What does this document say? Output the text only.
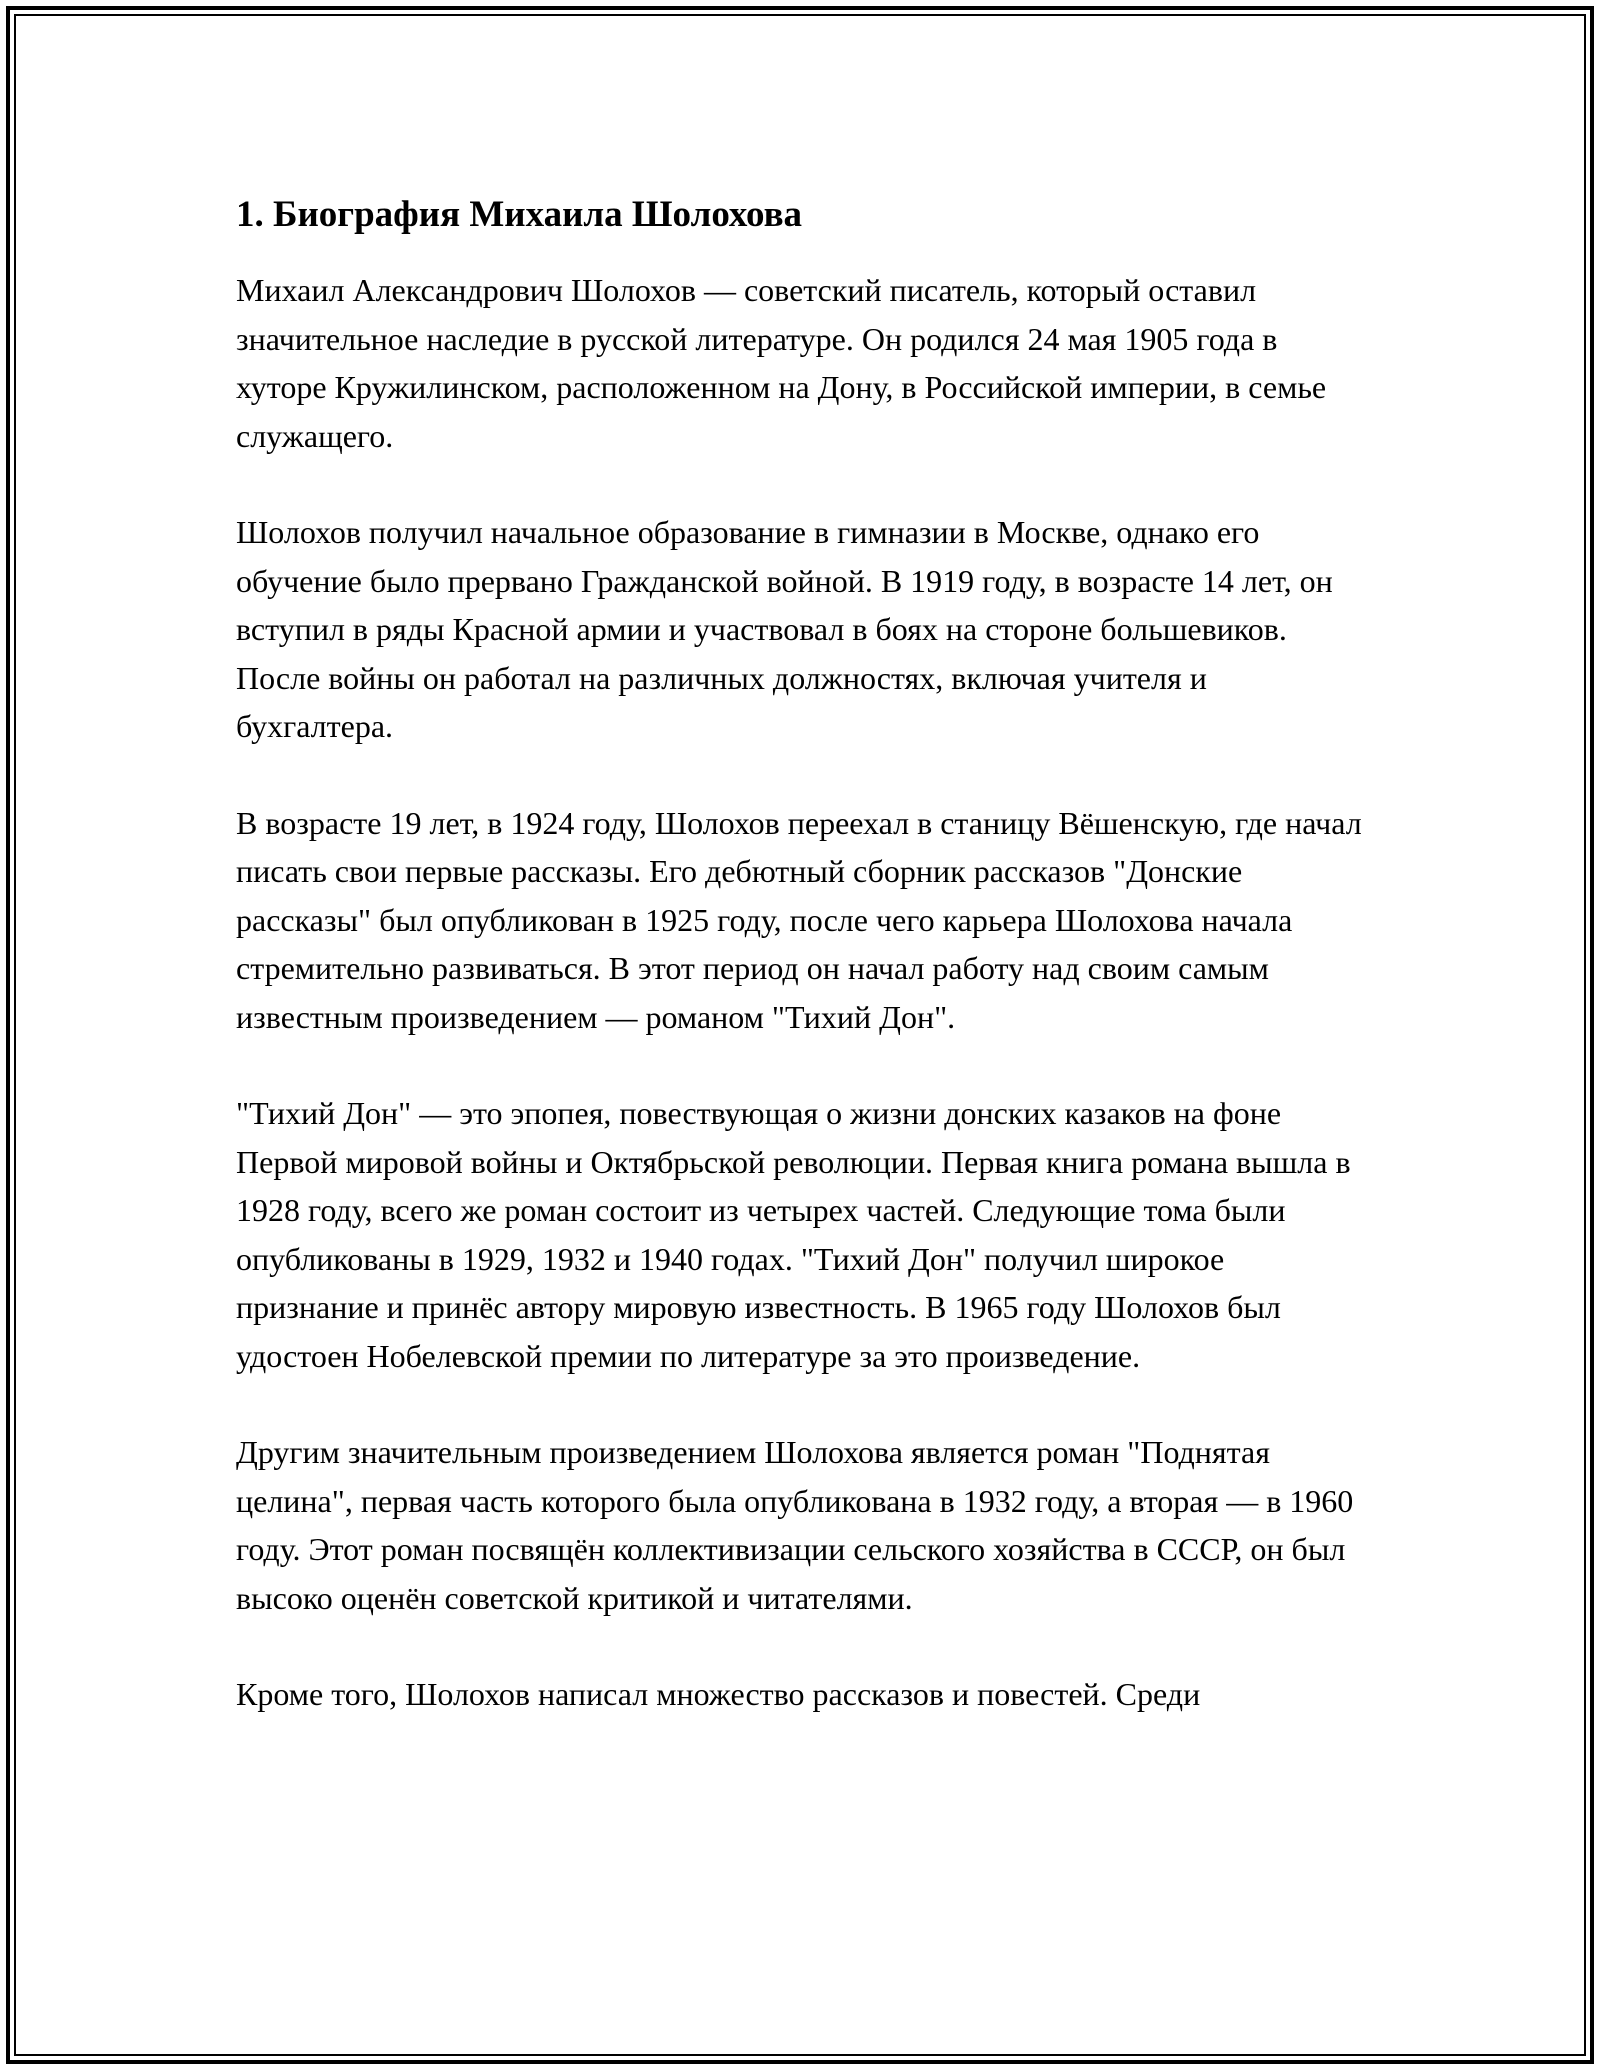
1. Биография Михаила Шолохова

Михаил Александрович Шолохов — советский писатель, который оставил значительное наследие в русской литературе. Он родился 24 мая 1905 года в хуторе Кружилинском, расположенном на Дону, в Российской империи, в семье служащего.

Шолохов получил начальное образование в гимназии в Москве, однако его обучение было прервано Гражданской войной. В 1919 году, в возрасте 14 лет, он вступил в ряды Красной армии и участвовал в боях на стороне большевиков. После войны он работал на различных должностях, включая учителя и бухгалтера.

В возрасте 19 лет, в 1924 году, Шолохов переехал в станицу Вёшенскую, где начал писать свои первые рассказы. Его дебютный сборник рассказов "Донские рассказы" был опубликован в 1925 году, после чего карьера Шолохова начала стремительно развиваться. В этот период он начал работу над своим самым известным произведением — романом "Тихий Дон".

"Тихий Дон" — это эпопея, повествующая о жизни донских казаков на фоне Первой мировой войны и Октябрьской революции. Первая книга романа вышла в 1928 году, всего же роман состоит из четырех частей. Следующие тома были опубликованы в 1929, 1932 и 1940 годах. "Тихий Дон" получил широкое признание и принёс автору мировую известность. В 1965 году Шолохов был удостоен Нобелевской премии по литературе за это произведение.

Другим значительным произведением Шолохова является роман "Поднятая целина", первая часть которого была опубликована в 1932 году, а вторая — в 1960 году. Этот роман посвящён коллективизации сельского хозяйства в СССР, он был высоко оценён советской критикой и читателями.

Кроме того, Шолохов написал множество рассказов и повестей. Среди
